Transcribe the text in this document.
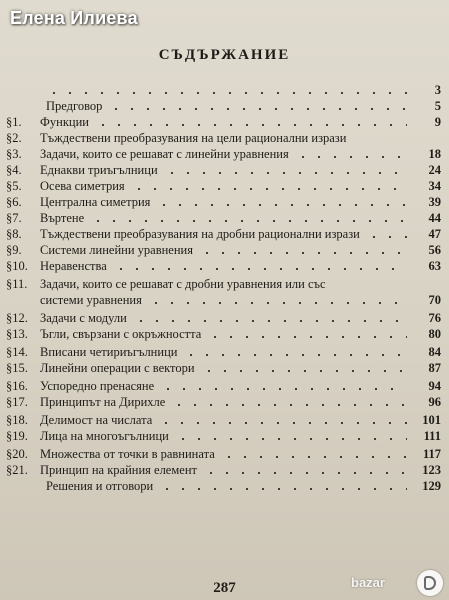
Елена Илиева
СЪДЪРЖАНИЕ
3
Предговор	5
§1.	Функции	9
§2.	Тъждествени преобразувания на цели рационални изрази
§3.	Задачи, които се решават с линейни уравнения	18
§4.	Еднакви триъгълници	24
§5.	Осева симетрия	34
§6.	Централна симетрия	39
§7.	Въртене	44
§8.	Тъждествени преобразувания на дробни рационални изрази	47
§9.	Системи линейни уравнения	56
§10. Неравенства	63
§11.	Задачи, които се решават с дробни уравнения или със
системи уравнения	70
§12. Задачи с модули	76
§13. Ъгли, свързани с окръжността	80
§14. Вписани четириъгълници	84
§15. Линейни операции с вектори	87
§16. Успоредно пренасяне	94
§17. Принципът на Дирихле	96
§18. Делимост на числата	101
§19. Лица на многоъгълници	111
§20. Множества от точки в равнината	117
§21. Принцип на крайния елемент	123
Решения и отговори	129
287	bazar
